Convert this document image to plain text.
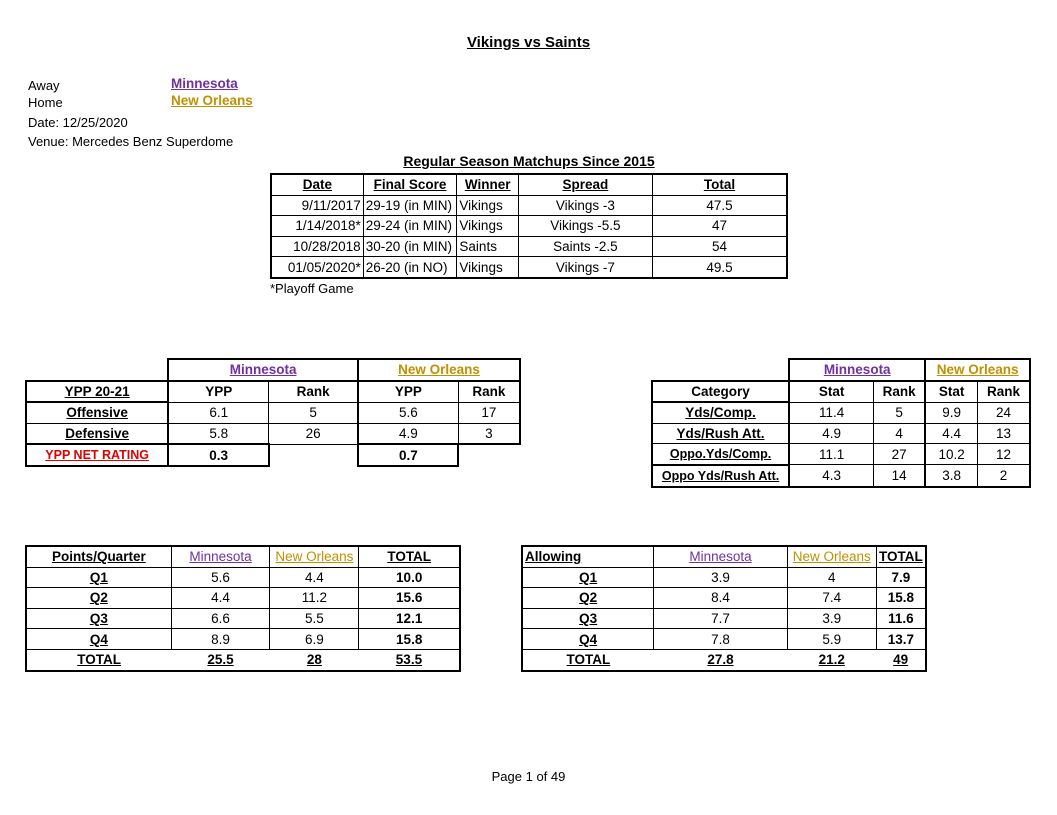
Vikings vs Saints
Away	Minnesota
Home	New Orleans
Date: 12/25/2020
Venue: Mercedes Benz Superdome
Regular Season Matchups Since 2015
Date	Final Score	Winner	Spread	Total
9/11/2017	29-19 (in MIN)	Vikings	Vikings -3	47.5
1/14/2018*	29-24 (in MIN)	Vikings	Vikings -5.5	47
10/28/2018	30-20 (in MIN)	Saints	Saints -2.5	54
01/05/2020*	26-20 (in NO)	Vikings	Vikings -7	49.5
*Playoff Game
	Minnesota		New Orleans	
YPP 20-21	YPP	Rank	YPP	Rank
Offensive	6.1	5	5.6	17
Defensive	5.8	26	4.9	3
YPP NET RATING	0.3		0.7	
	Minnesota		New Orleans	
Category	Stat	Rank	Stat	Rank
Yds/Comp.	11.4	5	9.9	24
Yds/Rush Att.	4.9	4	4.4	13
Oppo.Yds/Comp.	11.1	27	10.2	12
Oppo Yds/Rush Att.	4.3	14	3.8	2
Points/Quarter	Minnesota	New Orleans	TOTAL
Q1	5.6	4.4	10.0
Q2	4.4	11.2	15.6
Q3	6.6	5.5	12.1
Q4	8.9	6.9	15.8
TOTAL	25.5	28	53.5
Allowing	Minnesota	New Orleans	TOTAL
Q1	3.9	4	7.9
Q2	8.4	7.4	15.8
Q3	7.7	3.9	11.6
Q4	7.8	5.9	13.7
TOTAL	27.8	21.2	49
Page 1 of 49
